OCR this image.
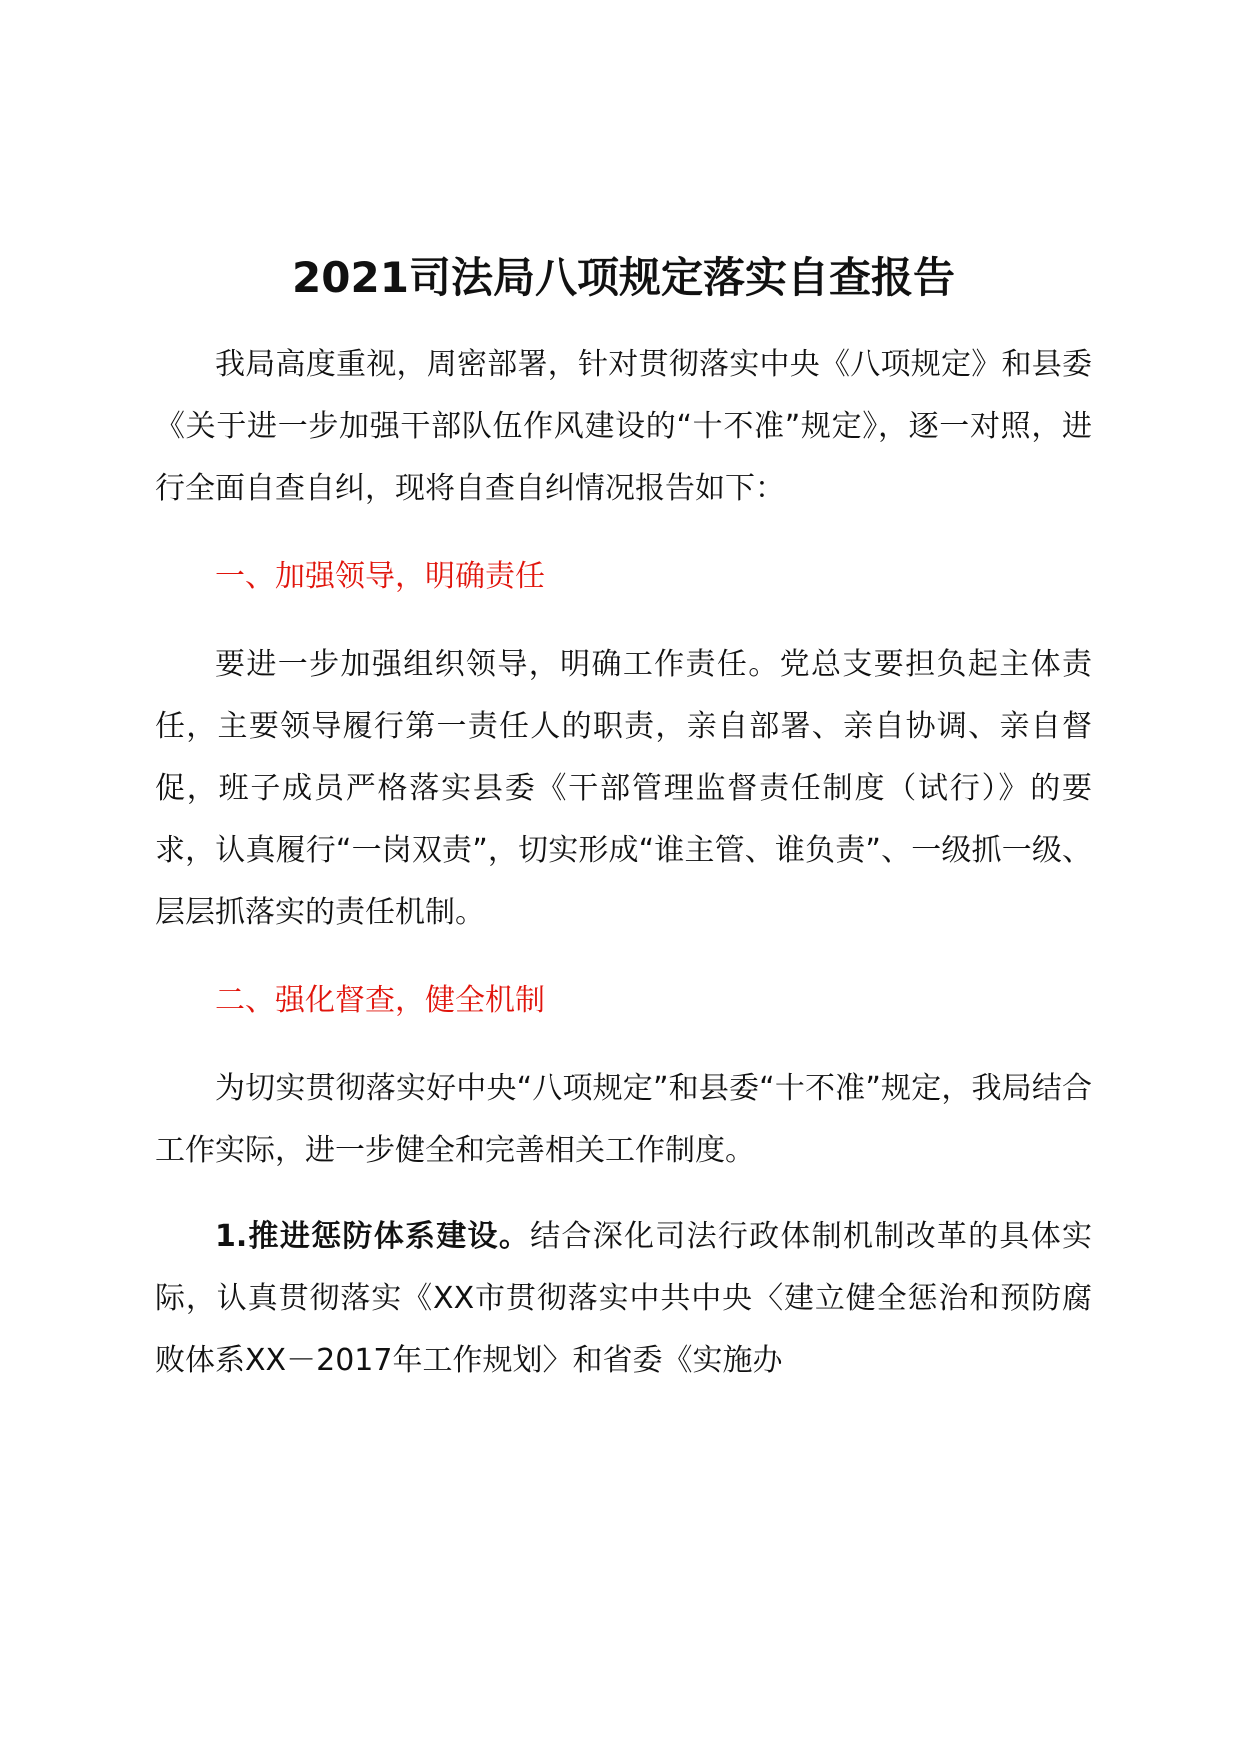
2021司法局八项规定落实自查报告

我局高度重视，周密部署，针对贯彻落实中央《八项规定》和县委《关于进一步加强干部队伍作风建设的“十不准”规定》，逐一对照，进行全面自查自纠，现将自查自纠情况报告如下：

一、加强领导，明确责任

要进一步加强组织领导，明确工作责任。党总支要担负起主体责任，主要领导履行第一责任人的职责，亲自部署、亲自协调、亲自督促，班子成员严格落实县委《干部管理监督责任制度（试行）》的要求，认真履行“一岗双责”，切实形成“谁主管、谁负责”、一级抓一级、层层抓落实的责任机制。

二、强化督查，健全机制

为切实贯彻落实好中央“八项规定”和县委“十不准”规定，我局结合工作实际，进一步健全和完善相关工作制度。

1.推进惩防体系建设。结合深化司法行政体制机制改革的具体实际，认真贯彻落实《XX市贯彻落实中共中央〈建立健全惩治和预防腐败体系XX－2017年工作规划〉和省委《实施办
